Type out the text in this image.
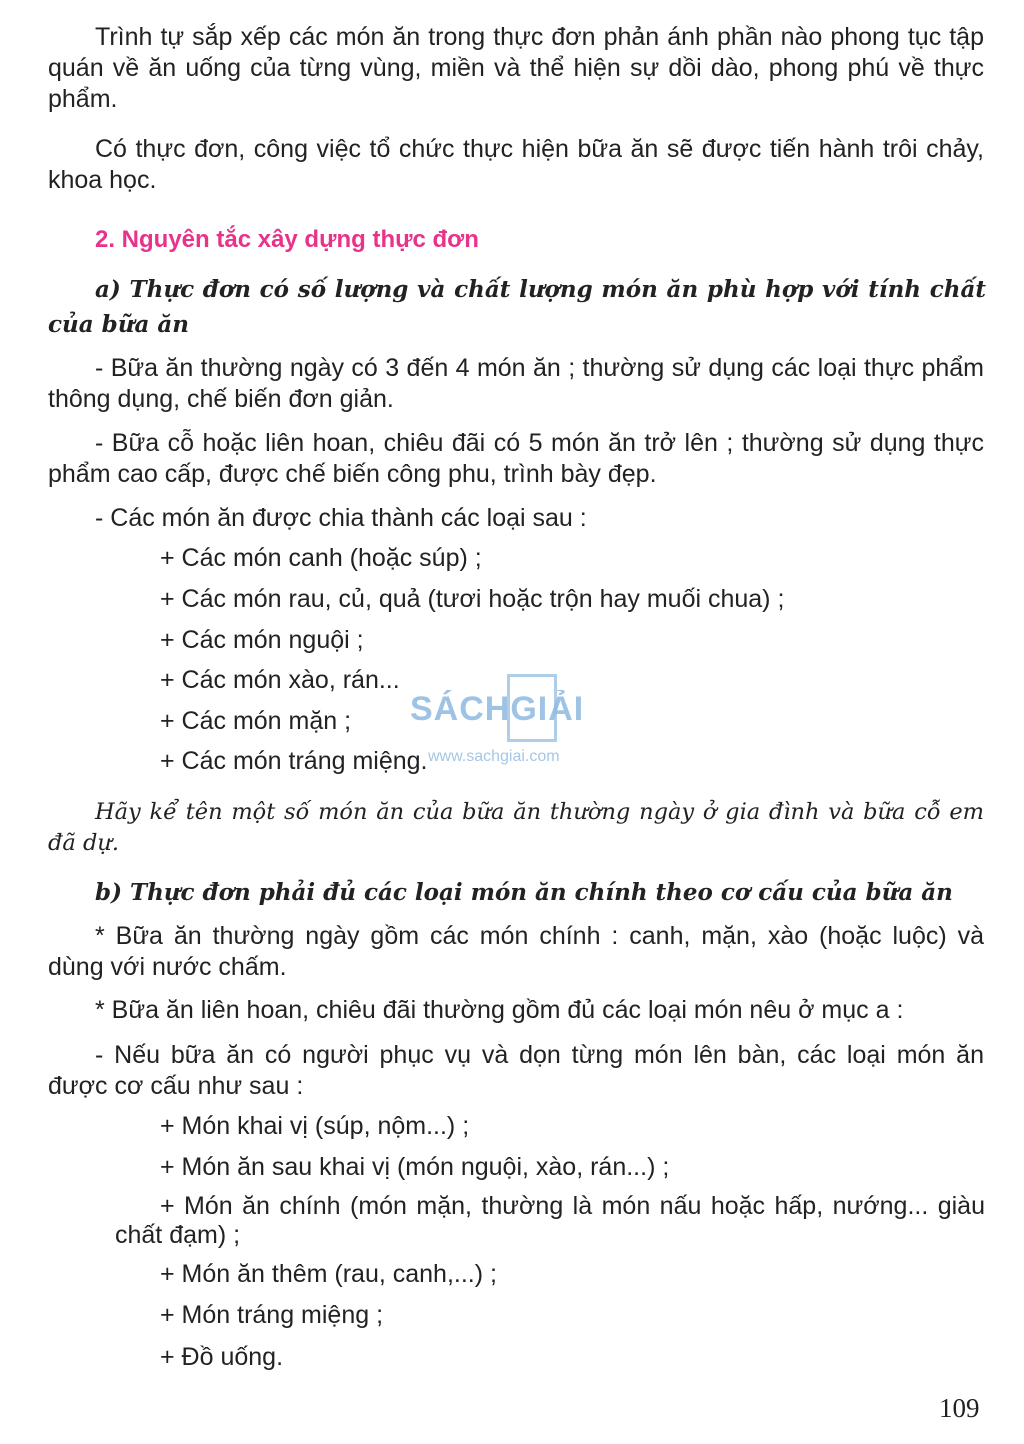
Trình tự sắp xếp các món ăn trong thực đơn phản ánh phần nào phong tục tập quán về ăn uống của từng vùng, miền và thể hiện sự dồi dào, phong phú về thực phẩm.

Có thực đơn, công việc tổ chức thực hiện bữa ăn sẽ được tiến hành trôi chảy, khoa học.

2. Nguyên tắc xây dựng thực đơn

a) Thực đơn có số lượng và chất lượng món ăn phù hợp với tính chất của bữa ăn

- Bữa ăn thường ngày có 3 đến 4 món ăn ; thường sử dụng các loại thực phẩm thông dụng, chế biến đơn giản.

- Bữa cỗ hoặc liên hoan, chiêu đãi có 5 món ăn trở lên ; thường sử dụng thực phẩm cao cấp, được chế biến công phu, trình bày đẹp.

- Các món ăn được chia thành các loại sau :

+ Các món canh (hoặc súp) ;

+ Các món rau, củ, quả (tươi hoặc trộn hay muối chua) ;

+ Các món nguội ;

+ Các món xào, rán...

+ Các món mặn ;

+ Các món tráng miệng.

Hãy kể tên một số món ăn của bữa ăn thường ngày ở gia đình và bữa cỗ em đã dự.

b) Thực đơn phải đủ các loại món ăn chính theo cơ cấu của bữa ăn

* Bữa ăn thường ngày gồm các món chính : canh, mặn, xào (hoặc luộc) và dùng với nước chấm.

* Bữa ăn liên hoan, chiêu đãi thường gồm đủ các loại món nêu ở mục a :

- Nếu bữa ăn có người phục vụ và dọn từng món lên bàn, các loại món ăn được cơ cấu như sau :

+ Món khai vị (súp, nộm...) ;

+ Món ăn sau khai vị (món nguội, xào, rán...) ;

+ Món ăn chính (món mặn, thường là món nấu hoặc hấp, nướng... giàu chất đạm) ;

+ Món ăn thêm (rau, canh,...) ;

+ Món tráng miệng ;

+ Đồ uống.

109

SÁCHGIẢI
www.sachgiai.com
